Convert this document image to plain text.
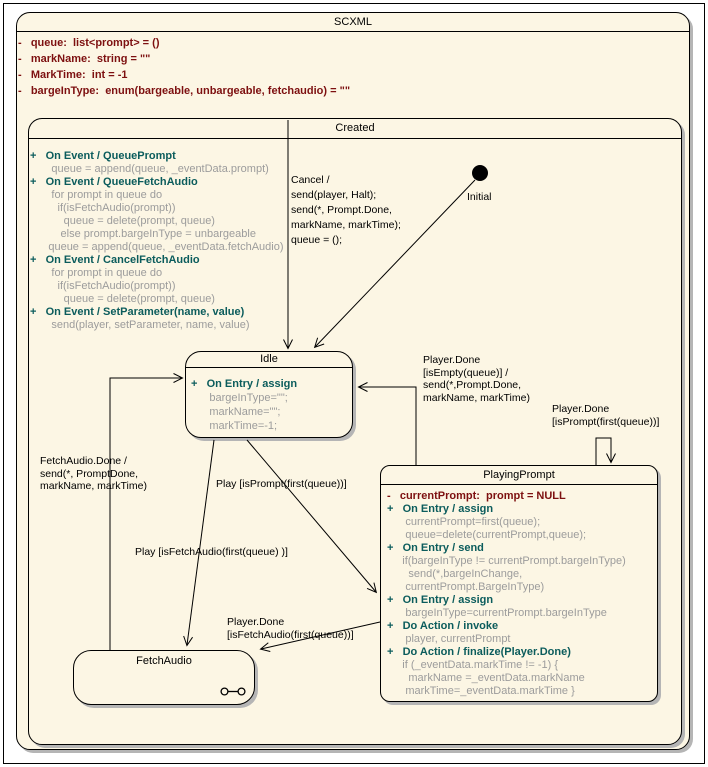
SCXML
-   queue:  list<prompt> = ()
-   markName:  string = ""
-   MarkTime:  int = -1
-   bargeInType:  enum(bargeable, unbargeable, fetchaudio) = ""
Created
+   On Event / QueuePrompt
queue = append(queue, _eventData.prompt)
+   On Event / QueueFetchAudio
for prompt in queue do
if(isFetchAudio(prompt))
queue = delete(prompt, queue)
else prompt.bargeInType = unbargeable
queue = append(queue, _eventData.fetchAudio)
+   On Event / CancelFetchAudio
for prompt in queue do
if(isFetchAudio(prompt))
queue = delete(prompt, queue)
+   On Event / SetParameter(name, value)
send(player, setParameter, name, value)
Idle
+   On Entry / assign
bargeInType="";
markName="";
markTime=-1;
PlayingPrompt
-   currentPrompt:  prompt = NULL
+   On Entry / assign
currentPrompt=first(queue);
queue=delete(currentPrompt,queue);
+   On Entry / send
if(bargeInType != currentPrompt.bargeInType)
send(*,bargeInChange,
currentPrompt.BargeInType)
+   On Entry / assign
bargeInType=currentPrompt.bargeInType
+   Do Action / invoke
player, currentPrompt
+   Do Action / finalize(Player.Done)
if (_eventData.markTime != -1) {
markName =_eventData.markName
markTime=_eventData.markTime }
FetchAudio
Initial
Cancel /
send(player, Halt);
send(*, Prompt.Done,
markName, markTime);
queue = ();
FetchAudio.Done /
send(*, PromptDone,
markName, markTime)	Play [isPrompt(first(queue))]
Play [isFetchAudio(first(queue) )]
Player.Done
[isEmpty(queue)] /
send(*,Prompt.Done,
markName, markTime)
Player.Done
[isPrompt(first(queue))]
Player.Done
[isFetchAudio(first(queue))]
